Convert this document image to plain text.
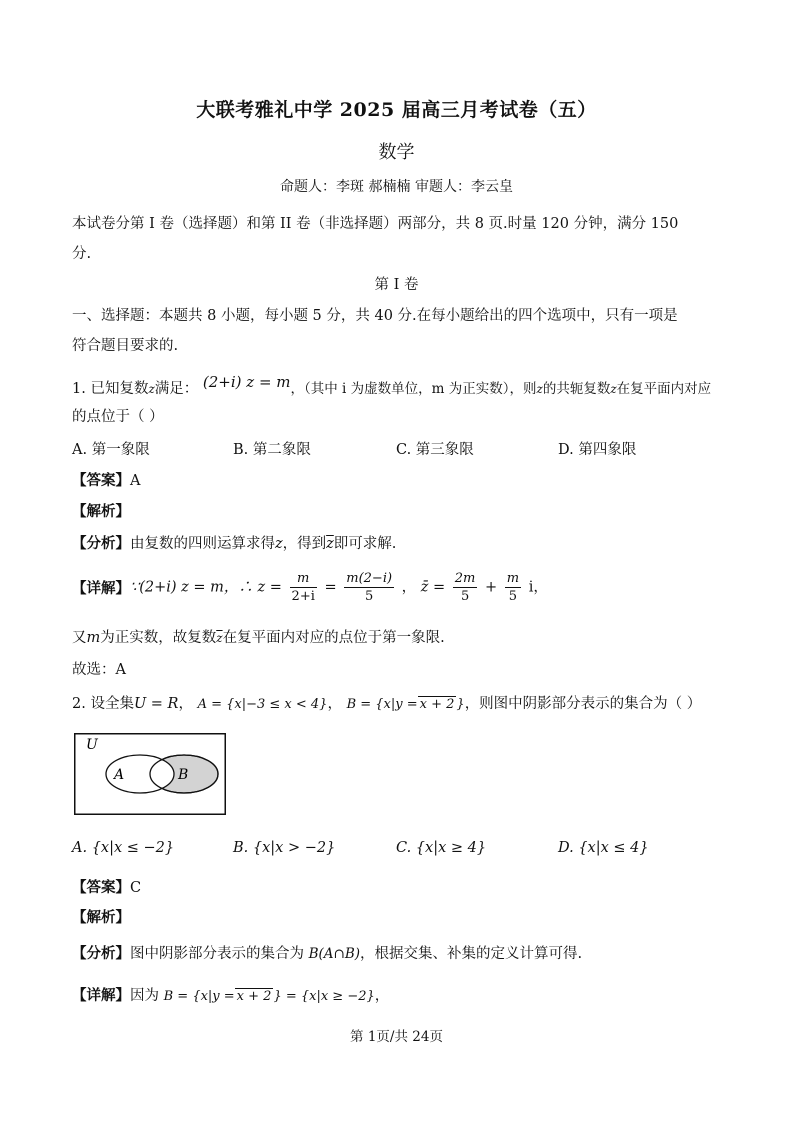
大联考雅礼中学 2025 届高三月考试卷（五）
数学
命题人：李斑 郝楠楠 审题人：李云皇
本试卷分第 I 卷（选择题）和第 II 卷（非选择题）两部分，共 8 页.时量 120 分钟，满分 150
分.
第 I 卷
一、选择题：本题共 8 小题，每小题 5 分，共 40 分.在每小题给出的四个选项中，只有一项是
符合题目要求的.
1. 已知复数z满足： (2+i) z = m，（其中 i 为虚数单位，m 为正实数），则z的共轭复数z在复平面内对应
的点位于（ ）
A. 第一象限	B. 第二象限	C. 第三象限	D. 第四象限
【答案】A
【解析】
【分析】由复数的四则运算求得z，得到$\overline{z}$即可求解.
【详解】∵(2+i) z = m，∴ $z = \frac{m}{2+i} = \frac{m(2-i)}{5}$ ， z̄ = $\frac{2m}{5} + \frac{m}{5}$ i，
又m为正实数，故复数$\overline{z}$在复平面内对应的点位于第一象限.
故选：A
2. 设全集U = R， A = {x|−3 ≤ x < 4}， B = {x|y = x + 2 }，则图中阴影部分表示的集合为（ ）
U
A	B
A. {x|x ≤ −2}	B. {x|x > −2}	C. {x|x ≥ 4}	D. {x|x ≤ 4}
【答案】C
【解析】
【分析】图中阴影部分表示的集合为 B(A∩B)，根据交集、补集的定义计算可得.
【详解】因为 B = {x|y = x + 2 } = {x|x ≥ −2}，
第 1页/共 24页
